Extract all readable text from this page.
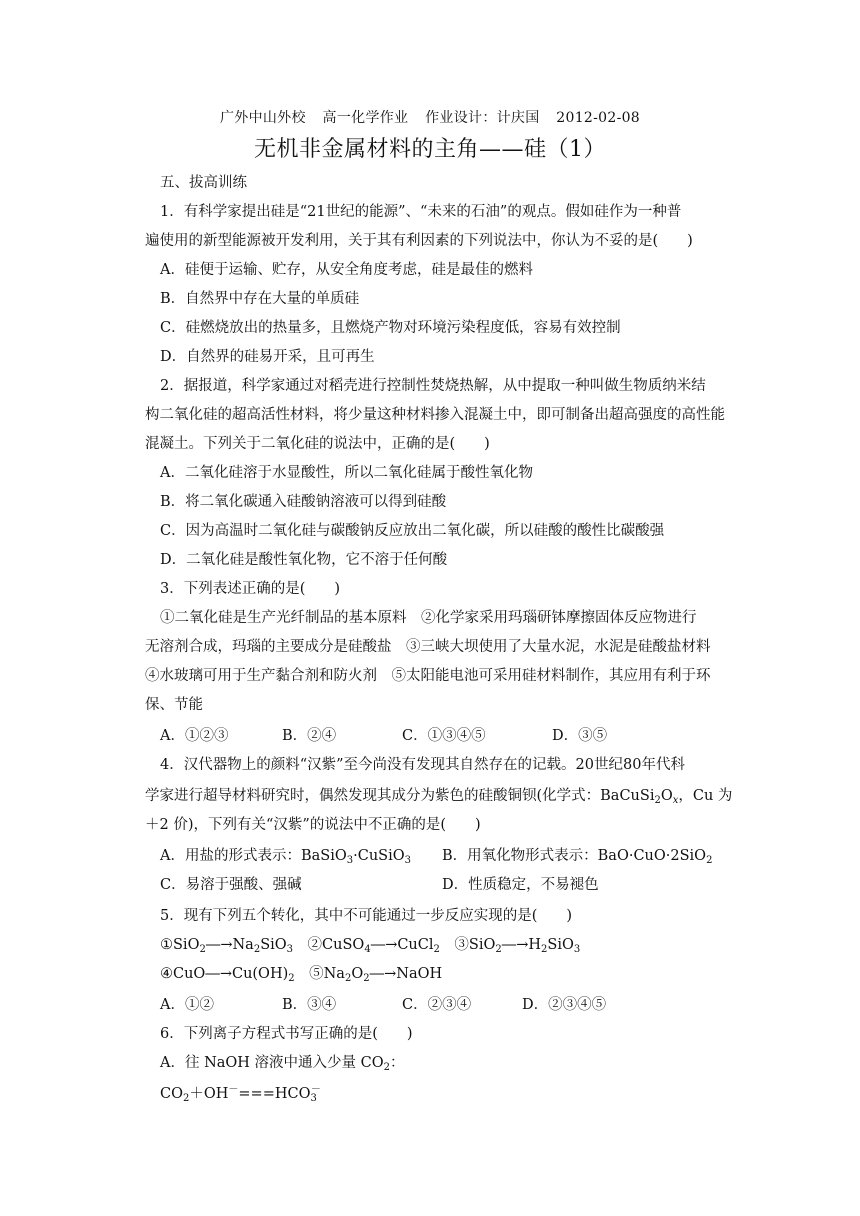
广外中山外校 高一化学作业 作业设计：计庆国 2012-02-08
无机非金属材料的主角——硅（1）
五、拔高训练
1．有科学家提出硅是“21世纪的能源”、“未来的石油”的观点。假如硅作为一种普
遍使用的新型能源被开发利用，关于其有利因素的下列说法中，你认为不妥的是(　　)
A．硅便于运输、贮存，从安全角度考虑，硅是最佳的燃料
B．自然界中存在大量的单质硅
C．硅燃烧放出的热量多，且燃烧产物对环境污染程度低，容易有效控制
D．自然界的硅易开采，且可再生
2．据报道，科学家通过对稻壳进行控制性焚烧热解，从中提取一种叫做生物质纳米结
构二氧化硅的超高活性材料，将少量这种材料掺入混凝土中，即可制备出超高强度的高性能
混凝土。下列关于二氧化硅的说法中，正确的是(　　)
A．二氧化硅溶于水显酸性，所以二氧化硅属于酸性氧化物
B．将二氧化碳通入硅酸钠溶液可以得到硅酸
C．因为高温时二氧化硅与碳酸钠反应放出二氧化碳，所以硅酸的酸性比碳酸强
D．二氧化硅是酸性氧化物，它不溶于任何酸
3．下列表述正确的是(　　)
①二氧化硅是生产光纤制品的基本原料　②化学家采用玛瑙研钵摩擦固体反应物进行
无溶剂合成，玛瑙的主要成分是硅酸盐　③三峡大坝使用了大量水泥，水泥是硅酸盐材料
④水玻璃可用于生产黏合剂和防火剂　⑤太阳能电池可采用硅材料制作，其应用有利于环
保、节能
A．①②③	B．②④	C．①③④⑤	D．③⑤
4．汉代器物上的颜料“汉紫”至今尚没有发现其自然存在的记载。20世纪80年代科
学家进行超导材料研究时，偶然发现其成分为紫色的硅酸铜钡(化学式：$BaCuSi_2O_x$，Cu 为
＋2 价)，下列有关“汉紫”的说法中不正确的是(　　)
A．用盐的形式表示：BaSiO$_3$·CuSiO$_3$ B．用氧化物形式表示：BaO·CuO·2SiO$_2$
C．易溶于强酸、强碱	D．性质稳定，不易褪色
5．现有下列五个转化，其中不可能通过一步反应实现的是(　　)
$①SiO_2―\to Na_2SiO_3$　②CuSO$_4$―→CuCl$_2$　$③SiO_2―\to H_2SiO_3$
$④CuO―\to Cu(OH)_2$　$⑤Na_2O_2―\to NaOH$
A．①②	B．③④	C．②③④	D．②③④⑤
6．下列离子方程式书写正确的是(　　)
A．往 NaOH 溶液中通入少量 $CO_2$：
$CO_2+OH^-===HCO_3^-$
